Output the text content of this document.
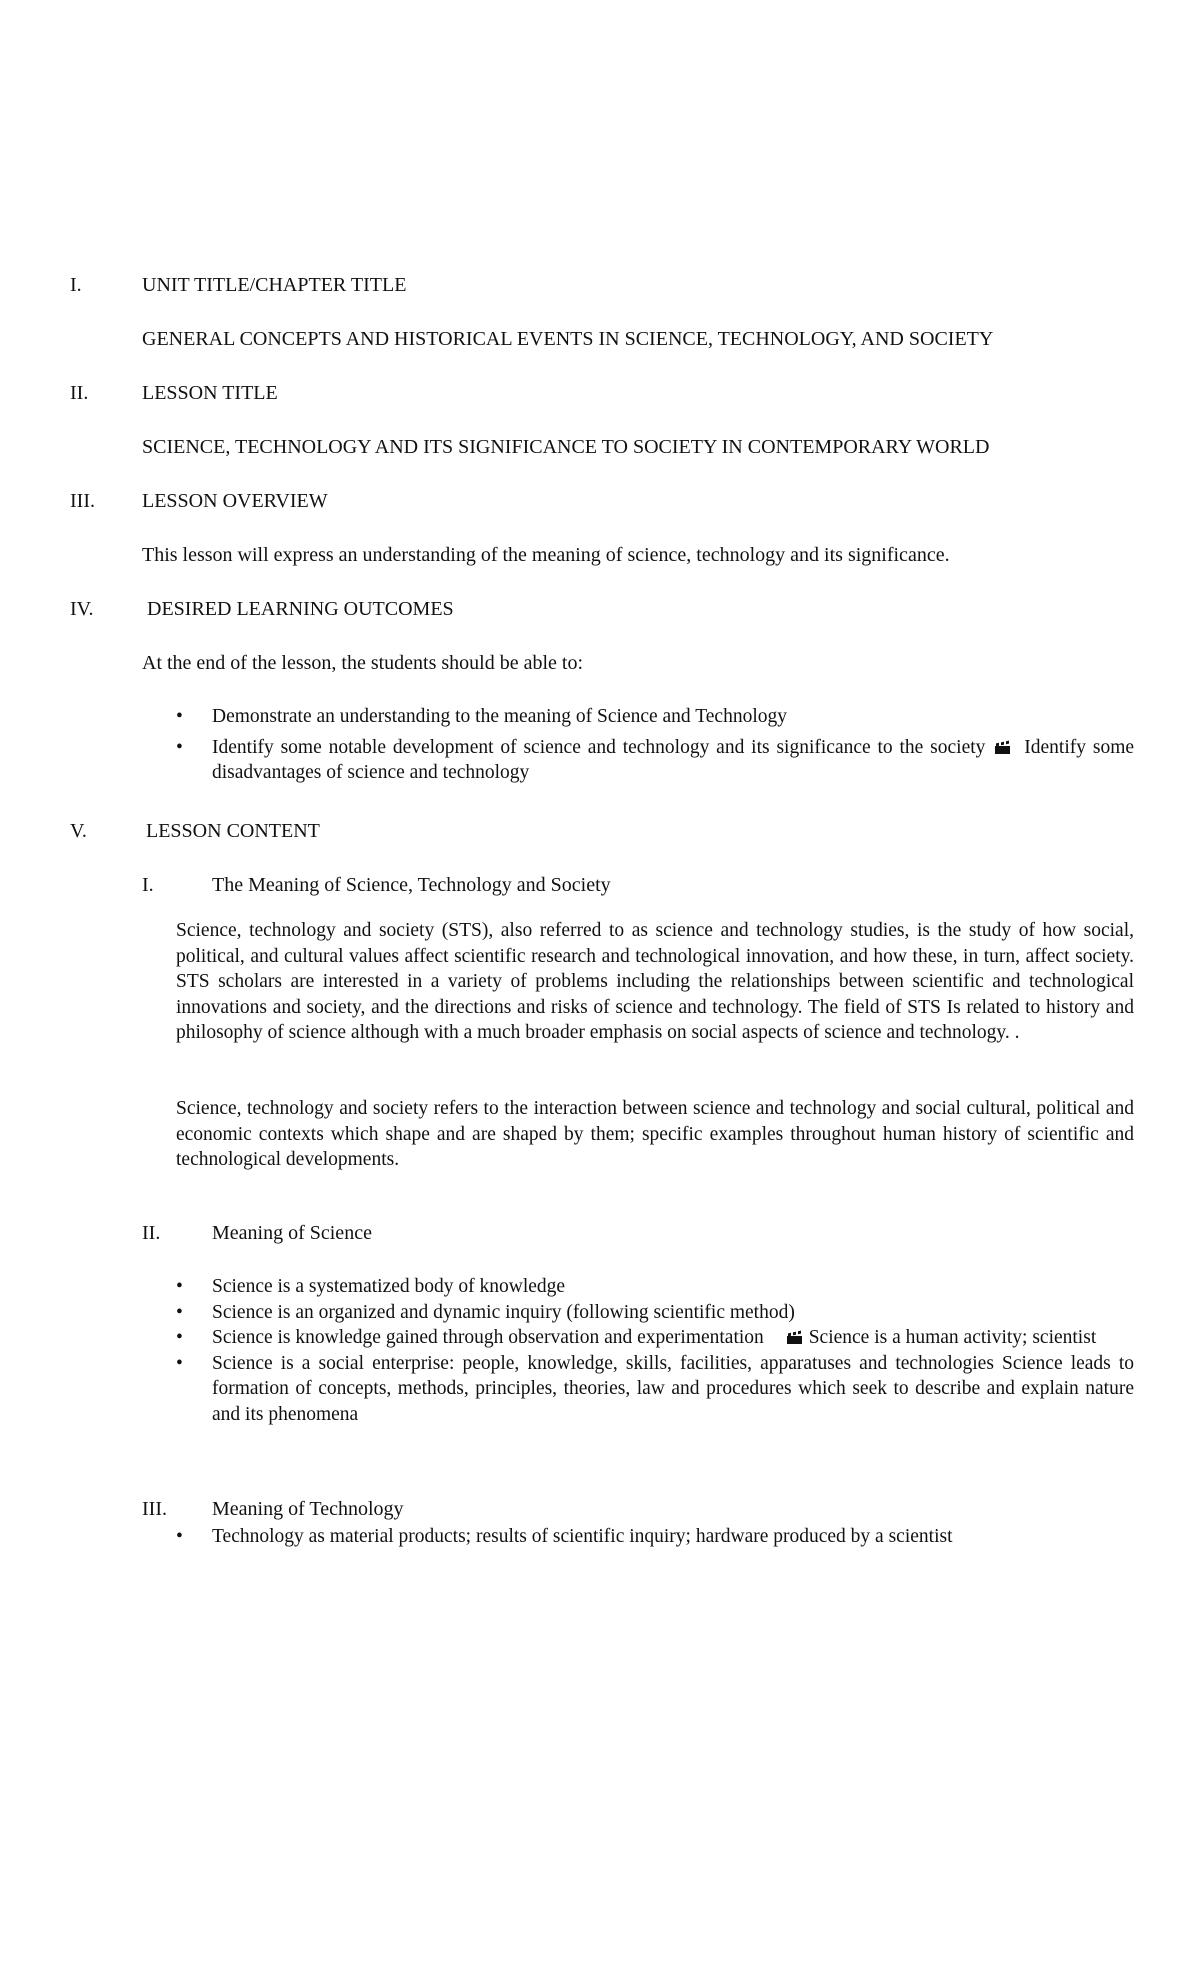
I.	UNIT TITLE/CHAPTER TITLE
GENERAL CONCEPTS AND HISTORICAL EVENTS IN SCIENCE, TECHNOLOGY, AND SOCIETY
II.	LESSON TITLE
SCIENCE, TECHNOLOGY AND ITS SIGNIFICANCE TO SOCIETY IN CONTEMPORARY WORLD
III. LESSON OVERVIEW
This lesson will express an understanding of the meaning of science, technology and its significance.
IV.	DESIRED LEARNING OUTCOMES
At the end of the lesson, the students should be able to:
• Demonstrate an understanding to the meaning of Science and Technology
• Identify some notable development of science and technology and its significance to the society Identify some disadvantages of science and technology
V.	LESSON CONTENT
I.	The Meaning of Science, Technology and Society
Science, technology and society (STS), also referred to as science and technology studies, is the study of how social, political, and cultural values affect scientific research and technological innovation, and how these, in turn, affect society. STS scholars are interested in a variety of problems including the relationships between scientific and technological innovations and society, and the directions and risks of science and technology. The field of STS Is related to history and philosophy of science although with a much broader emphasis on social aspects of science and technology. .
Science, technology and society refers to the interaction between science and technology and social cultural, political and economic contexts which shape and are shaped by them; specific examples throughout human history of scientific and technological developments.
II.	Meaning of Science
• Science is a systematized body of knowledge
• Science is an organized and dynamic inquiry (following scientific method)
• Science is knowledge gained through observation and experimentation Science is a human activity; scientist
• Science is a social enterprise: people, knowledge, skills, facilities, apparatuses and technologies Science leads to formation of concepts, methods, principles, theories, law and procedures which seek to describe and explain nature and its phenomena
III. Meaning of Technology
• Technology as material products; results of scientific inquiry; hardware produced by a scientist
